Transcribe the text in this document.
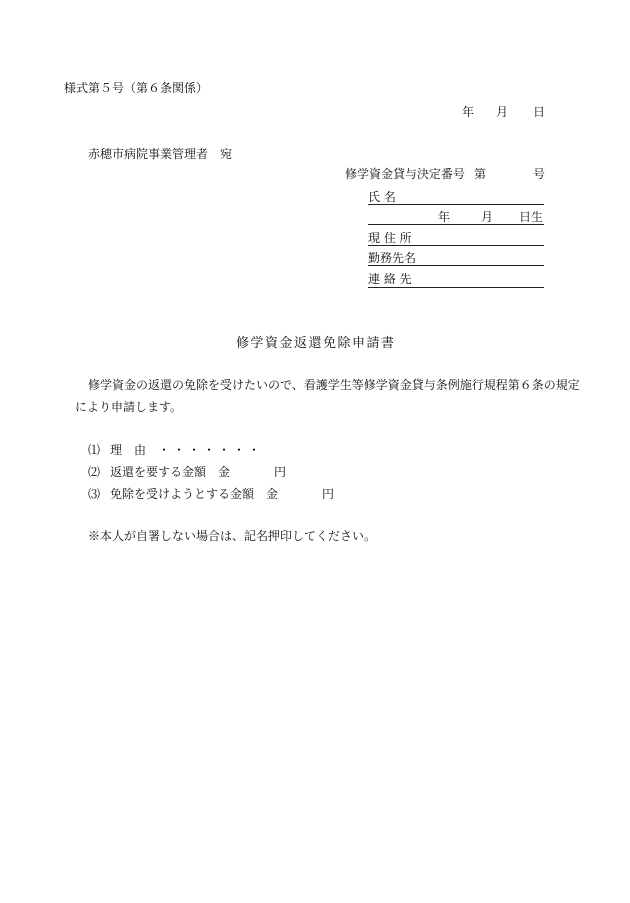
様式第５号（第６条関係）
年 月 日
赤穂市病院事業管理者　宛
修学資金貸与決定番号 第	号
氏 名
年	月 日生
現 住 所
勤務先名
連 絡 先
修学資金返還免除申請書
修学資金の返還の免除を受けたいので、看護学生等修学資金貸与条例施行規程第６条の規定
により申請します。
⑴ 理　由 ・・・・・・・
⑵ 返還を要する金額　金	円
⑶ 免除を受けようとする金額　金	円
※本人が自署しない場合は、記名押印してください。
